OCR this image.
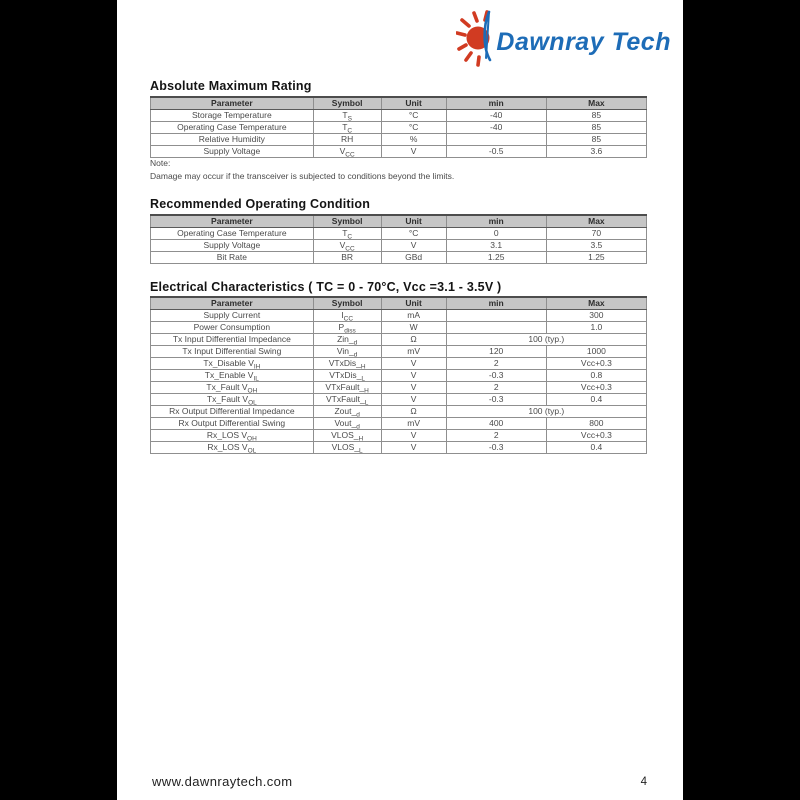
Dawnray Tech
Absolute Maximum Rating
Parameter	Symbol	Unit	min	Max
Storage Temperature	$T_S$	°C	-40	85
Operating Case Temperature	$T_C$	°C	-40	85
Relative Humidity	RH	%		85
Supply Voltage	$V_{CC}$	V	-0.5	3.6
Note:
Damage may occur if the transceiver is subjected to conditions beyond the limits.
Recommended Operating Condition
Parameter	Symbol	Unit	min	Max
Operating Case Temperature	$T_C$	°C	0	70
Supply Voltage	$V_{CC}$	V	3.1	3.5
Bit Rate	BR	GBd	1.25	1.25
Electrical Characteristics ( TC = 0 - 70°C, Vcc =3.1 - 3.5V )
Parameter	Symbol	Unit	min	Max
Supply Current	$I_{CC}$	mA		300
Power Consumption	$P_{diss}$	W		1.0
Tx Input Differential Impedance	$Zin\__d$	Ω	100 (typ.)	
Tx Input Differential Swing	$Vin\__d$	mV	120	1000
Tx_Disable $V_{IH}$	$VTxDis\__H$	V	2	Vcc+0.3
Tx_Enable $V_{IL}$	$VTxDis\__L$	V	-0.3	0.8
Tx_Fault $V_{OH}$	$VTxFault\__H$	V	2	Vcc+0.3
Tx_Fault $V_{OL}$	$VTxFault\__L$	V	-0.3	0.4
Rx Output Differential Impedance	$Zout\__d$	Ω	100 (typ.)	
Rx Output Differential Swing	$Vout\__d$	mV	400	800
Rx_LOS $V_{OH}$	$VLOS\__H$	V	2	Vcc+0.3
Rx_LOS $V_{OL}$	$VLOS\__L$	V	-0.3	0.4
www.dawnraytech.com	4
